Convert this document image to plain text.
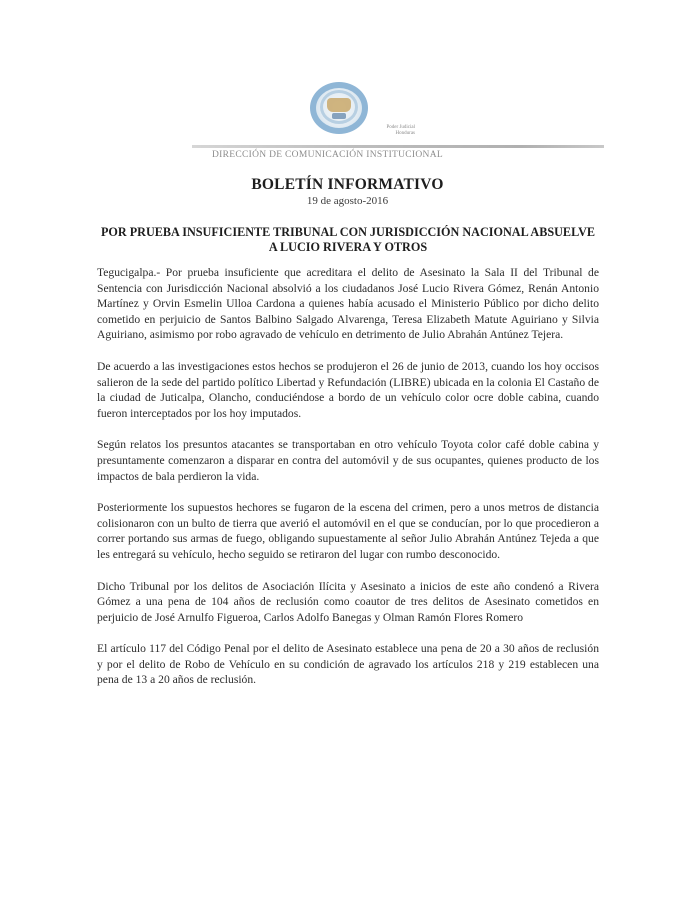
Poder Judicial
Honduras
DIRECCIÓN DE COMUNICACIÓN INSTITUCIONAL
BOLETÍN INFORMATIVO
19 de agosto-2016
POR PRUEBA INSUFICIENTE TRIBUNAL CON JURISDICCIÓN NACIONAL ABSUELVE A LUCIO RIVERA Y OTROS

Tegucigalpa.- Por prueba insuficiente que acreditara el delito de Asesinato la Sala II del Tribunal de Sentencia con Jurisdicción Nacional absolvió a los ciudadanos José Lucio Rivera Gómez, Renán Antonio Martínez y Orvin Esmelin Ulloa Cardona a quienes había acusado el Ministerio Público por dicho delito cometido en perjuicio de Santos Balbino Salgado Alvarenga, Teresa Elizabeth Matute Aguiriano y Silvia Aguiriano, asimismo por robo agravado de vehículo en detrimento de Julio Abrahán Antúnez Tejera.

De acuerdo a las investigaciones estos hechos se produjeron el 26 de junio de 2013, cuando los hoy occisos salieron de la sede del partido político Libertad y Refundación (LIBRE) ubicada en la colonia El Castaño de la ciudad de Juticalpa, Olancho, conduciéndose a bordo de un vehículo color ocre doble cabina, cuando fueron interceptados por los hoy imputados.

Según relatos los presuntos atacantes se transportaban en otro vehículo Toyota color café doble cabina y presuntamente comenzaron a disparar en contra del automóvil y de sus ocupantes, quienes producto de los impactos de bala perdieron la vida.

Posteriormente los supuestos hechores se fugaron de la escena del crimen, pero a unos metros de distancia colisionaron con un bulto de tierra que averió el automóvil en el que se conducían, por lo que procedieron a correr portando sus armas de fuego, obligando supuestamente al señor Julio Abrahán Antúnez Tejeda a que les entregará su vehículo, hecho seguido se retiraron del lugar con rumbo desconocido.

Dicho Tribunal por los delitos de Asociación Ilícita y Asesinato a inicios de este año condenó a Rivera Gómez a una pena de 104 años de reclusión como coautor de tres delitos de Asesinato cometidos en perjuicio de José Arnulfo Figueroa, Carlos Adolfo Banegas y Olman Ramón Flores Romero

El artículo 117 del Código Penal por el delito de Asesinato establece una pena de 20 a 30 años de reclusión y por el delito de Robo de Vehículo en su condición de agravado los artículos 218 y 219 establecen una pena de 13 a 20 años de reclusión.
